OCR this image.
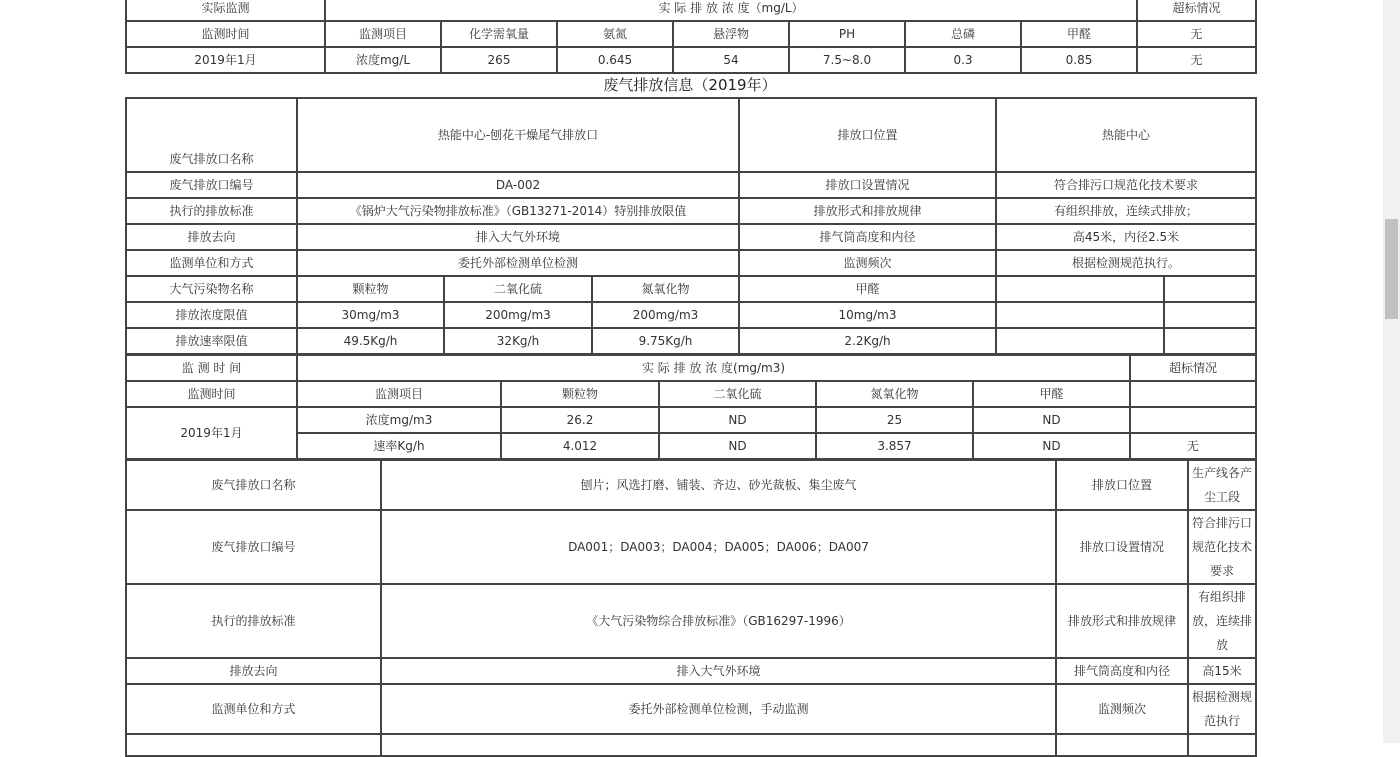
实际监测	实 际 排 放 浓 度（mg/L）							超标情况
监测时间	监测项目	化学需氧量	氨氮	悬浮物	PH	总磷	甲醛	无
2019年1月	浓度mg/L	265	0.645	54	7.5~8.0	0.3	0.85	无
废气排放信息（2019年）
废气排放口名称	热能中心-刨花干燥尾气排放口			排放口位置	热能中心	
废气排放口编号	DA-002			排放口设置情况	符合排污口规范化技术要求	
执行的排放标准	《锅炉大气污染物排放标准》（GB13271-2014）特别排放限值			排放形式和排放规律	有组织排放，连续式排放；	
排放去向	排入大气外环境			排气筒高度和内径	高45米，内径2.5米	
监测单位和方式	委托外部检测单位检测			监测频次	根据检测规范执行。	
大气污染物名称	颗粒物	二氧化硫	氮氧化物	甲醛		
排放浓度限值	30mg/m3	200mg/m3	200mg/m3	10mg/m3		
排放速率限值	49.5Kg/h	32Kg/h	9.75Kg/h	2.2Kg/h		
监 测 时 间	实 际 排 放 浓 度(mg/m3)					超标情况
监测时间	监测项目	颗粒物	二氧化硫	氮氧化物	甲醛	
2019年1月	浓度mg/m3	26.2	ND	25	ND	
	速率Kg/h	4.012	ND	3.857	ND	无
废气排放口名称	刨片；风选打磨、铺装、齐边、砂光裁板、集尘废气	排放口位置	生产线各产尘工段
废气排放口编号	DA001；DA003；DA004；DA005；DA006；DA007	排放口设置情况	符合排污口规范化技术要求
执行的排放标准	《大气污染物综合排放标准》（GB16297-1996）	排放形式和排放规律	有组织排放，连续排放
排放去向	排入大气外环境	排气筒高度和内径	高15米
监测单位和方式	委托外部检测单位检测，手动监测	监测频次	根据检测规范执行
